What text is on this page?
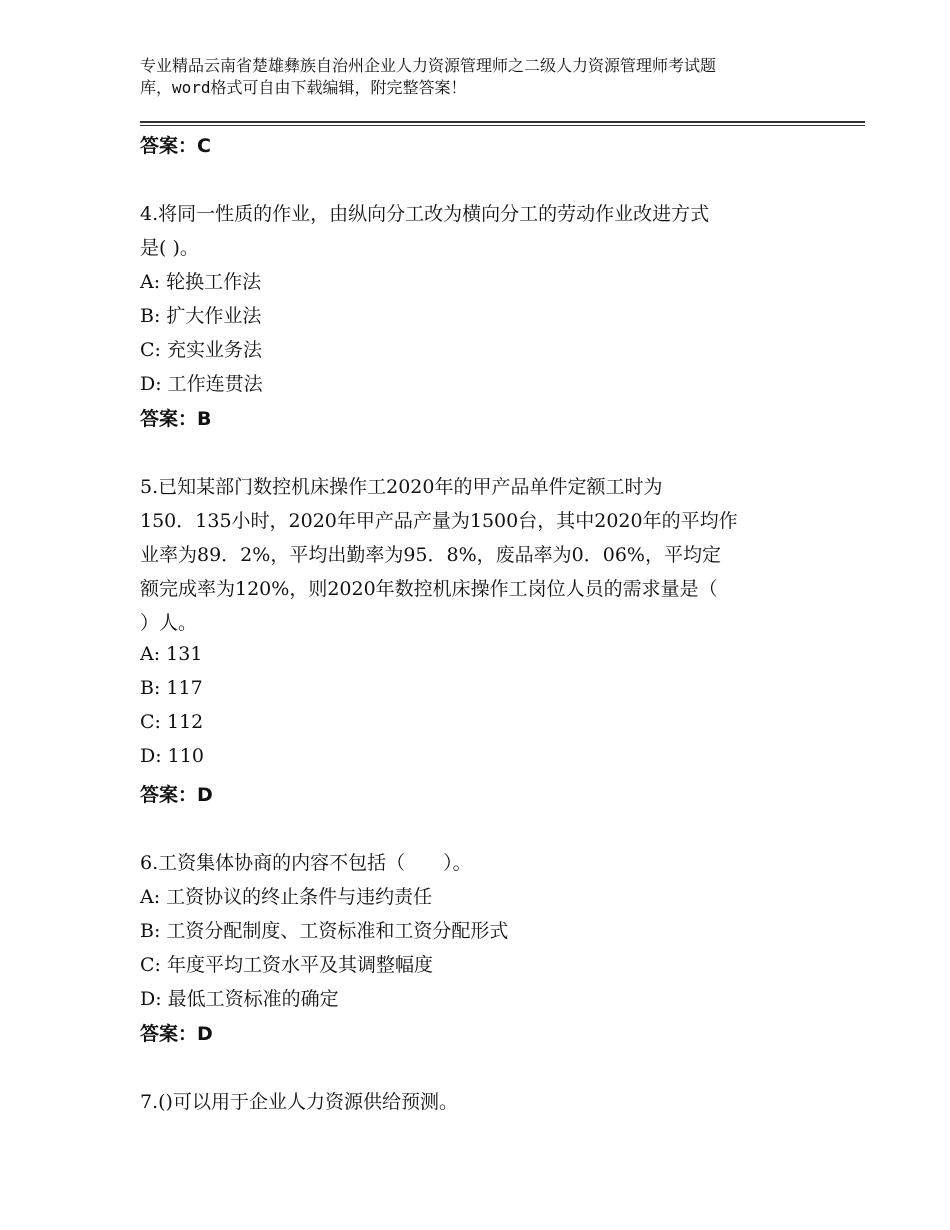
专业精品云南省楚雄彝族自治州企业人力资源管理师之二级人力资源管理师考试题
库，word格式可自由下载编辑，附完整答案！
答案：C
4.将同一性质的作业，由纵向分工改为横向分工的劳动作业改进方式
是( )。
A: 轮换工作法
B: 扩大作业法
C: 充实业务法
D: 工作连贯法
答案：B
5.已知某部门数控机床操作工2020年的甲产品单件定额工时为
150．135小时，2020年甲产品产量为1500台，其中2020年的平均作
业率为89．2%，平均出勤率为95．8%，废品率为0．06%，平均定
额完成率为120%，则2020年数控机床操作工岗位人员的需求量是（
）人。
A: 131
B: 117
C: 112
D: 110
答案：D
6.工资集体协商的内容不包括（　　）。
A: 工资协议的终止条件与违约责任
B: 工资分配制度、工资标准和工资分配形式
C: 年度平均工资水平及其调整幅度
D: 最低工资标准的确定
答案：D
7.()可以用于企业人力资源供给预测。
